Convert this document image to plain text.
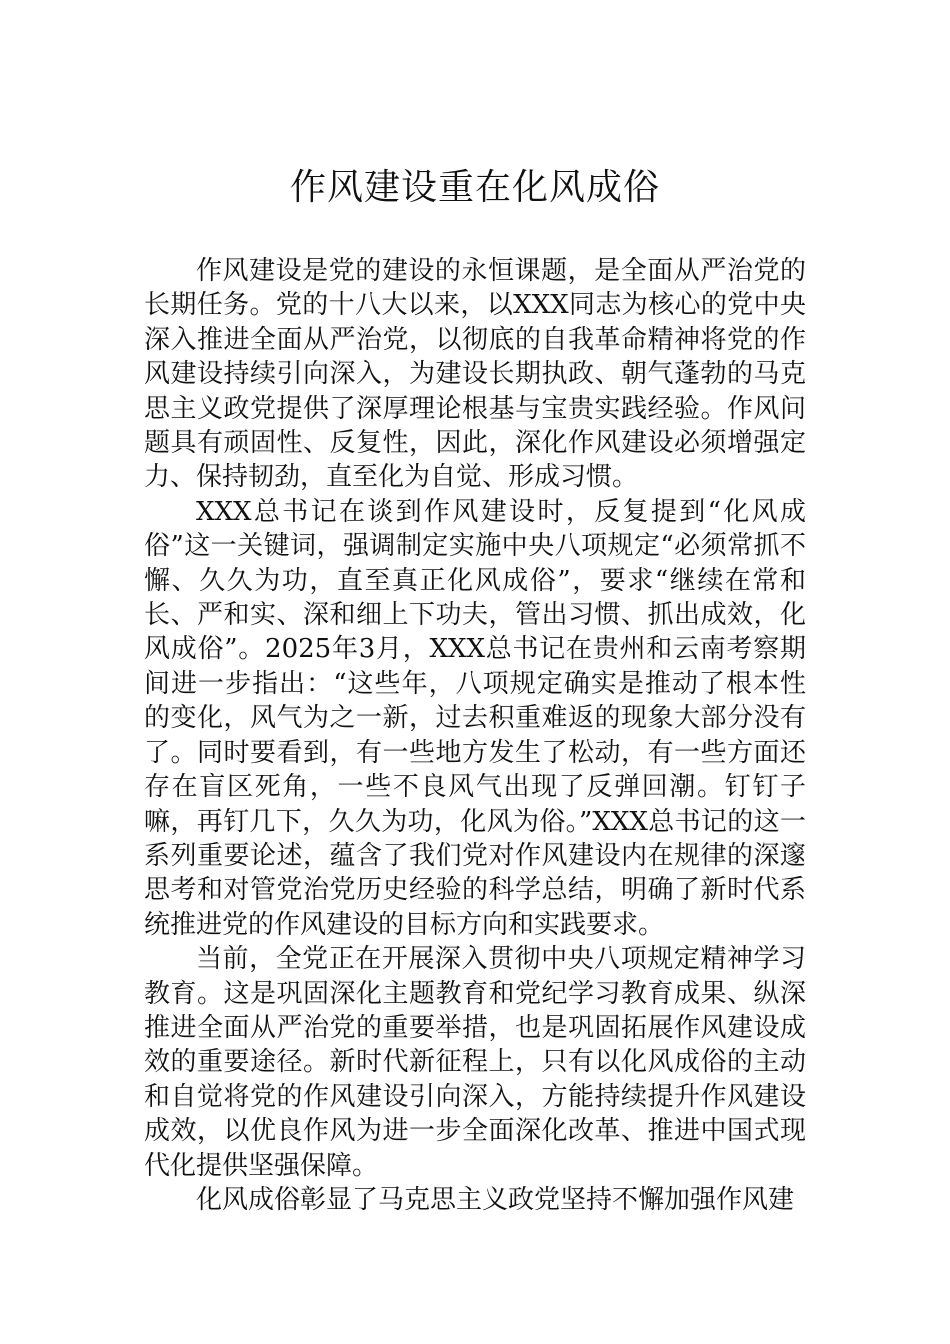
作风建设重在化风成俗

作风建设是党的建设的永恒课题，是全面从严治党的长期任务。党的十八大以来，以XXX同志为核心的党中央深入推进全面从严治党，以彻底的自我革命精神将党的作风建设持续引向深入，为建设长期执政、朝气蓬勃的马克思主义政党提供了深厚理论根基与宝贵实践经验。作风问题具有顽固性、反复性，因此，深化作风建设必须增强定力、保持韧劲，直至化为自觉、形成习惯。

XXX总书记在谈到作风建设时，反复提到“化风成俗”这一关键词，强调制定实施中央八项规定“必须常抓不懈、久久为功，直至真正化风成俗”，要求“继续在常和长、严和实、深和细上下功夫，管出习惯、抓出成效，化风成俗”。2025年3月，XXX总书记在贵州和云南考察期间进一步指出：“这些年，八项规定确实是推动了根本性的变化，风气为之一新，过去积重难返的现象大部分没有了。同时要看到，有一些地方发生了松动，有一些方面还存在盲区死角，一些不良风气出现了反弹回潮。钉钉子嘛，再钉几下，久久为功，化风为俗。”XXX总书记的这一系列重要论述，蕴含了我们党对作风建设内在规律的深邃思考和对管党治党历史经验的科学总结，明确了新时代系统推进党的作风建设的目标方向和实践要求。

当前，全党正在开展深入贯彻中央八项规定精神学习教育。这是巩固深化主题教育和党纪学习教育成果、纵深推进全面从严治党的重要举措，也是巩固拓展作风建设成效的重要途径。新时代新征程上，只有以化风成俗的主动和自觉将党的作风建设引向深入，方能持续提升作风建设成效，以优良作风为进一步全面深化改革、推进中国式现代化提供坚强保障。

化风成俗彰显了马克思主义政党坚持不懈加强作风建
